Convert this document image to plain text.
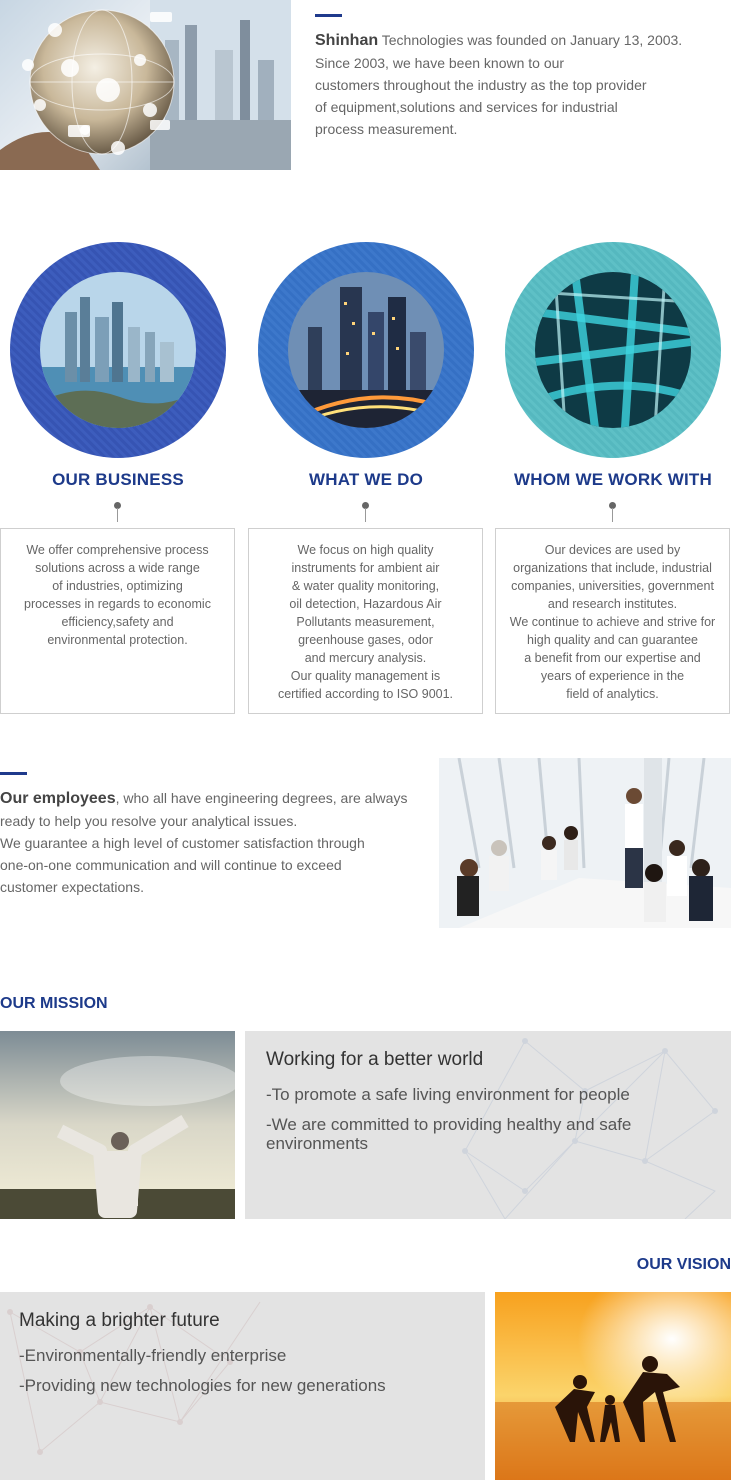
Shinhan Technologies was founded on January 13, 2003.
Since 2003, we have been known to our
customers throughout the industry as the top provider
of equipment,solutions and services for industrial
process measurement.
OUR BUSINESS
We offer comprehensive process
solutions across a wide range
of industries, optimizing
processes in regards to economic
efficiency,safety and
environmental protection.
WHAT WE DO
We focus on high quality
instruments for ambient air
& water quality monitoring,
oil detection, Hazardous Air
Pollutants measurement,
greenhouse gases, odor
and mercury analysis.
Our quality management is
certified according to ISO 9001.
WHOM WE WORK WITH
Our devices are used by
organizations that include, industrial
companies, universities, government
and research institutes.
We continue to achieve and strive for
high quality and can guarantee
a benefit from our expertise and
years of experience in the
field of analytics.
Our employees, who all have engineering degrees, are always
ready to help you resolve your analytical issues.
We guarantee a high level of customer satisfaction through
one-on-one communication and will continue to exceed
customer expectations.
OUR MISSION
Working for a better world
-To promote a safe living environment for people
-We are committed to providing healthy and safe
environments
OUR VISION
Making a brighter future
-Environmentally-friendly enterprise
-Providing new technologies for new generations
